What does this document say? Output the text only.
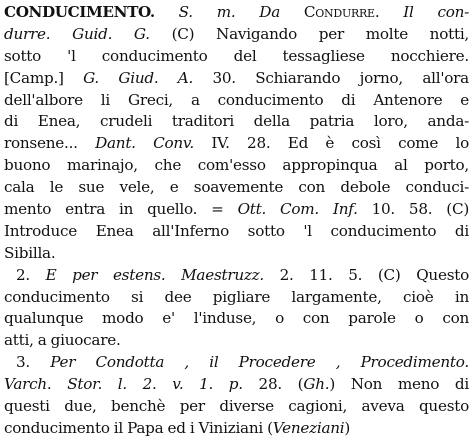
CONDUCIMENTO. S. m. Da Condurre. Il con-
durre. Guid. G. (C) Navigando per molte notti,
sotto 'l conducimento del tessagliese nocchiere.
[Camp.] G. Giud. A. 30. Schiarando jorno, all'ora
dell'albore li Greci, a conducimento di Antenore e
di Enea, crudeli traditori della patria loro, anda-
ronsene... Dant. Conv. IV. 28. Ed è così come lo
buono marinajo, che com'esso appropinqua al porto,
cala le sue vele, e soavemente con debole conduci-
mento entra in quello. = Ott. Com. Inf. 10. 58. (C)
Introduce Enea all'Inferno sotto 'l conducimento di
Sibilla.
2. E per estens. Maestruzz. 2. 11. 5. (C) Questo
conducimento si dee pigliare largamente, cioè in
qualunque modo e' l'induse, o con parole o con
atti, a giuocare.
3. Per Condotta , il Procedere , Procedimento.
Varch. Stor. l. 2. v. 1. p. 28. (Gh.) Non meno di
questi due, benchè per diverse cagioni, aveva questo
conducimento il Papa ed i Viniziani (Veneziani)
